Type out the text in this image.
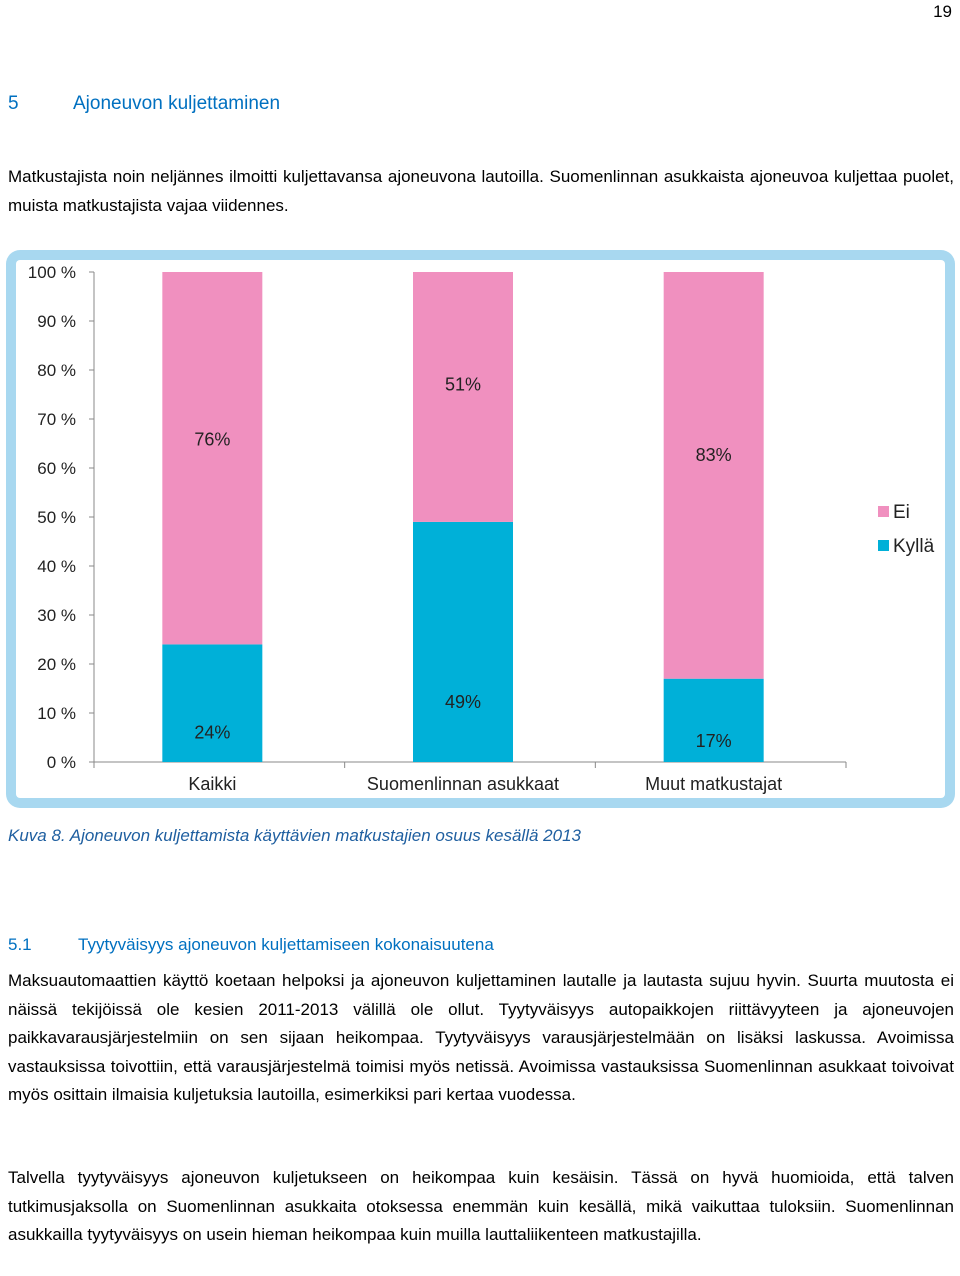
19
5	Ajoneuvon kuljettaminen
Matkustajista noin neljännes ilmoitti kuljettavansa ajoneuvona lautoilla. Suomenlinnan asukkaista ajoneuvoa kuljettaa puolet, muista matkustajista vajaa viidennes.
0 %
10 %
20 %
30 %
40 %
50 %
60 %
70 %
80 %
90 %
100 %
24%
76%
Kaikki
49%
51%
Suomenlinnan asukkaat
17%
83%
Muut matkustajat
Ei
Kyllä
Kuva 8. Ajoneuvon kuljettamista käyttävien matkustajien osuus kesällä 2013
5.1	Tyytyväisyys ajoneuvon kuljettamiseen kokonaisuutena
Maksuautomaattien käyttö koetaan helpoksi ja ajoneuvon kuljettaminen lautalle ja lautasta sujuu hyvin. Suurta muutosta ei näissä tekijöissä ole kesien 2011-2013 välillä ole ollut. Tyytyväisyys autopaikkojen riittävyyteen ja ajoneuvojen paikkavarausjärjestelmiin on sen sijaan heikompaa. Tyytyväisyys varausjärjestelmään on lisäksi laskussa. Avoimissa vastauksissa toivottiin, että varausjärjestelmä toimisi myös netissä. Avoimissa vastauksissa Suomenlinnan asukkaat toivoivat myös osittain ilmaisia kuljetuksia lautoilla, esimerkiksi pari kertaa vuodessa.
Talvella tyytyväisyys ajoneuvon kuljetukseen on heikompaa kuin kesäisin. Tässä on hyvä huomioida, että talven tutkimusjaksolla on Suomenlinnan asukkaita otoksessa enemmän kuin kesällä, mikä vaikuttaa tuloksiin. Suomenlinnan asukkailla tyytyväisyys on usein hieman heikompaa kuin muilla lauttaliikenteen matkustajilla.
